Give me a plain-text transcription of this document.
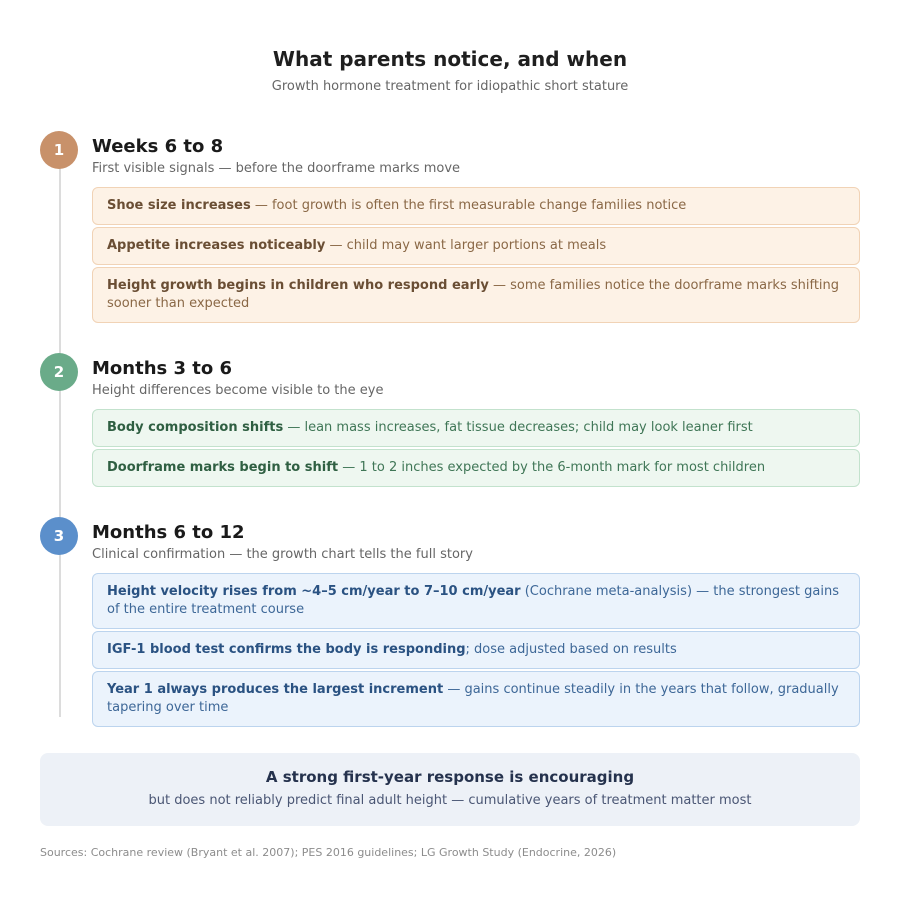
What parents notice, and when
Growth hormone treatment for idiopathic short stature
1	Weeks 6 to 8
First visible signals — before the doorframe marks move
Shoe size increases — foot growth is often the first measurable change families notice
Appetite increases noticeably — child may want larger portions at meals
Height growth begins in children who respond early — some families notice the doorframe marks shifting sooner than expected
2	Months 3 to 6
Height differences become visible to the eye
Body composition shifts — lean mass increases, fat tissue decreases; child may look leaner first
Doorframe marks begin to shift — 1 to 2 inches expected by the 6-month mark for most children
3	Months 6 to 12
Clinical confirmation — the growth chart tells the full story
Height velocity rises from ~4–5 cm/year to 7–10 cm/year (Cochrane meta-analysis) — the strongest gains of the entire treatment course
IGF-1 blood test confirms the body is responding; dose adjusted based on results
Year 1 always produces the largest increment — gains continue steadily in the years that follow, gradually tapering over time
A strong first-year response is encouraging
but does not reliably predict final adult height — cumulative years of treatment matter most
Sources: Cochrane review (Bryant et al. 2007); PES 2016 guidelines; LG Growth Study (Endocrine, 2026)
